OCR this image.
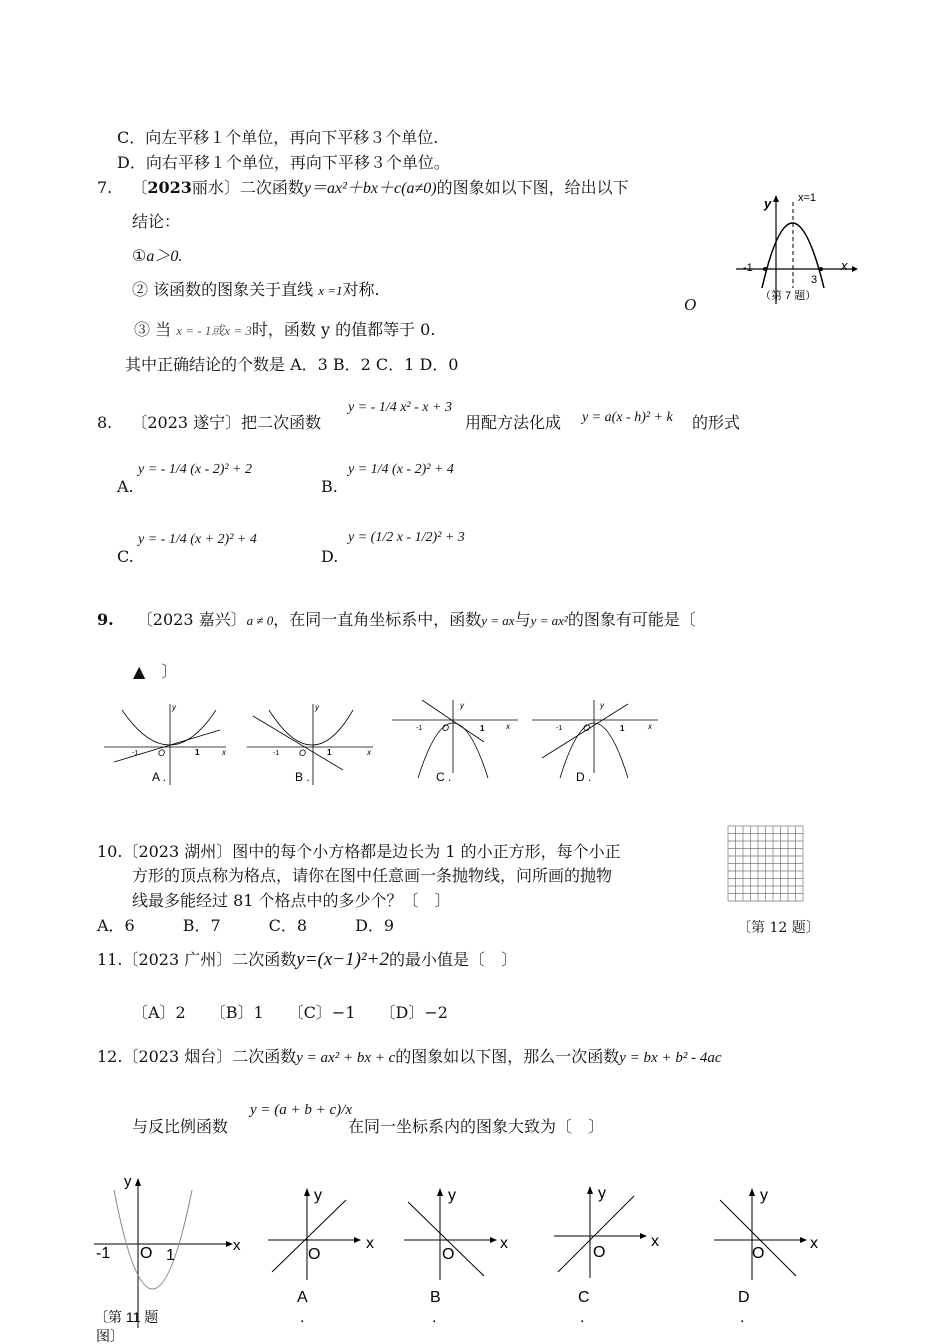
C．向左平移１个单位，再向下平移３个单位.
D．向右平移１个单位，再向下平移３个单位。
7. 〔2023丽水〕二次函数y＝ax²＋bx＋c(a≠0)的图象如以下图，给出以下
结论：
①a＞0.
② 该函数的图象关于直线 x =1对称.
③ 当 x = - 1或x = 3时，函数 y 的值都等于 0.
其中正确结论的个数是 A．3 B．2 C．1 D．0
O
y
x
x=1
-1
3
（第 7 题）
8. 〔2023 遂宁〕把二次函数
y = - 1/4 x² - x + 3
用配方法化成 y = a(x - h)² + k 的形式
A.
y = - 1/4 (x - 2)² + 2
B.
y = 1/4 (x - 2)² + 4
C.
y = - 1/4 (x + 2)² + 4
D.
y = (1/2 x - 1/2)² + 3
9. 〔2023 嘉兴〕a ≠ 0，在同一直角坐标系中，函数y = ax与y = ax²的图象有可能是〔
▲　〕
y
x
O
-1	1
A .
y
x
O
-1	1
B .
y
x
O
-1	1
C .
y
x
O
-1	1
D .
10.〔2023 湖州〕图中的每个小方格都是边长为 1 的小正方形，每个小正
方形的顶点称为格点，请你在图中任意画一条抛物线，问所画的抛物
线最多能经过 81 个格点中的多少个？〔　〕
A．6　　　B．7　　　C．8　　　D．9	〔第 12 题〕
11.〔2023 广州〕二次函数y=(x−1)²+2的最小值是〔　〕
〔A〕2　　〔B〕1　　〔C〕−1　　〔D〕−2
12.〔2023 烟台〕二次函数y = ax² + bx + c的图象如以下图，那么一次函数y = bx + b² - 4ac
与反比例函数
y = (a + b + c)/x
在同一坐标系内的图象大致为〔　〕
y
x
-1 O 1
〔第 11 题
图〕
y
x
O
A
.
y
x
O
B
.
y
x
O
C
.
y
x
O
D
.
